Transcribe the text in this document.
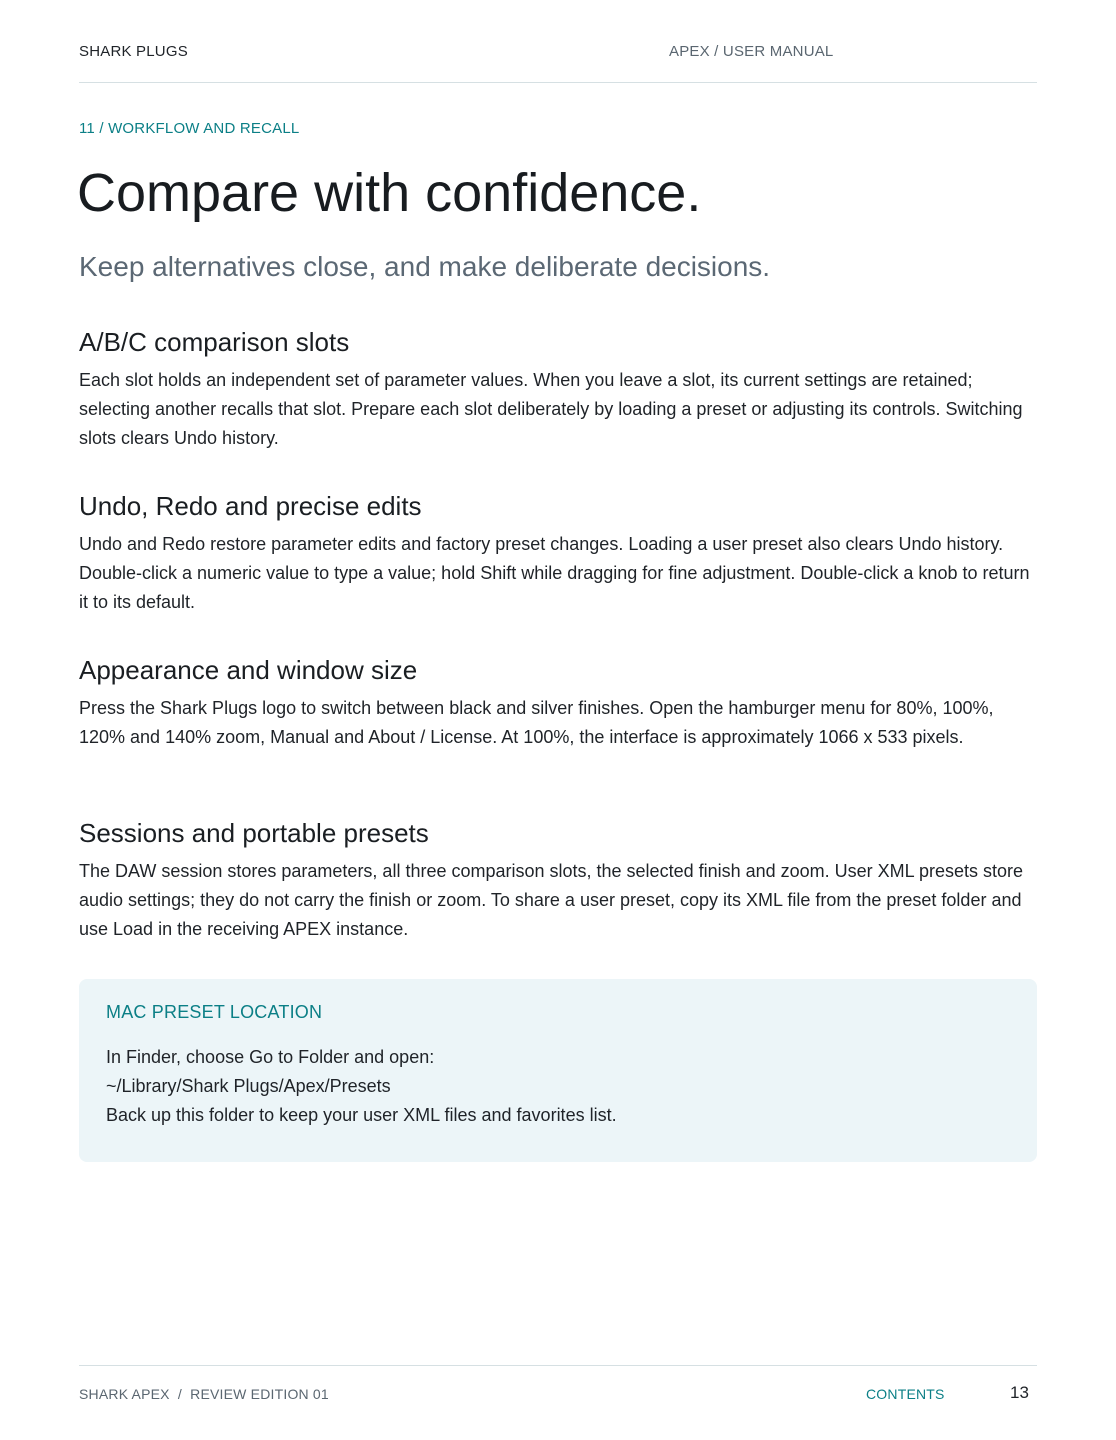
SHARK PLUGS	APEX / USER MANUAL
11 / WORKFLOW AND RECALL
Compare with confidence.

Keep alternatives close, and make deliberate decisions.

A/B/C comparison slots

Each slot holds an independent set of parameter values. When you leave a slot, its current settings are retained; selecting another recalls that slot. Prepare each slot deliberately by loading a preset or adjusting its controls. Switching slots clears Undo history.

Undo, Redo and precise edits

Undo and Redo restore parameter edits and factory preset changes. Loading a user preset also clears Undo history. Double-click a numeric value to type a value; hold Shift while dragging for fine adjustment. Double-click a knob to return it to its default.

Appearance and window size

Press the Shark Plugs logo to switch between black and silver finishes. Open the hamburger menu for 80%, 100%, 120% and 140% zoom, Manual and About / License. At 100%, the interface is approximately 1066 x 533 pixels.

Sessions and portable presets

The DAW session stores parameters, all three comparison slots, the selected finish and zoom. User XML presets store audio settings; they do not carry the finish or zoom. To share a user preset, copy its XML file from the preset folder and use Load in the receiving APEX instance.

MAC PRESET LOCATION
In Finder, choose Go to Folder and open:
~/Library/Shark Plugs/Apex/Presets
Back up this folder to keep your user XML files and favorites list.
SHARK APEX  /  REVIEW EDITION 01	CONTENTS	13
